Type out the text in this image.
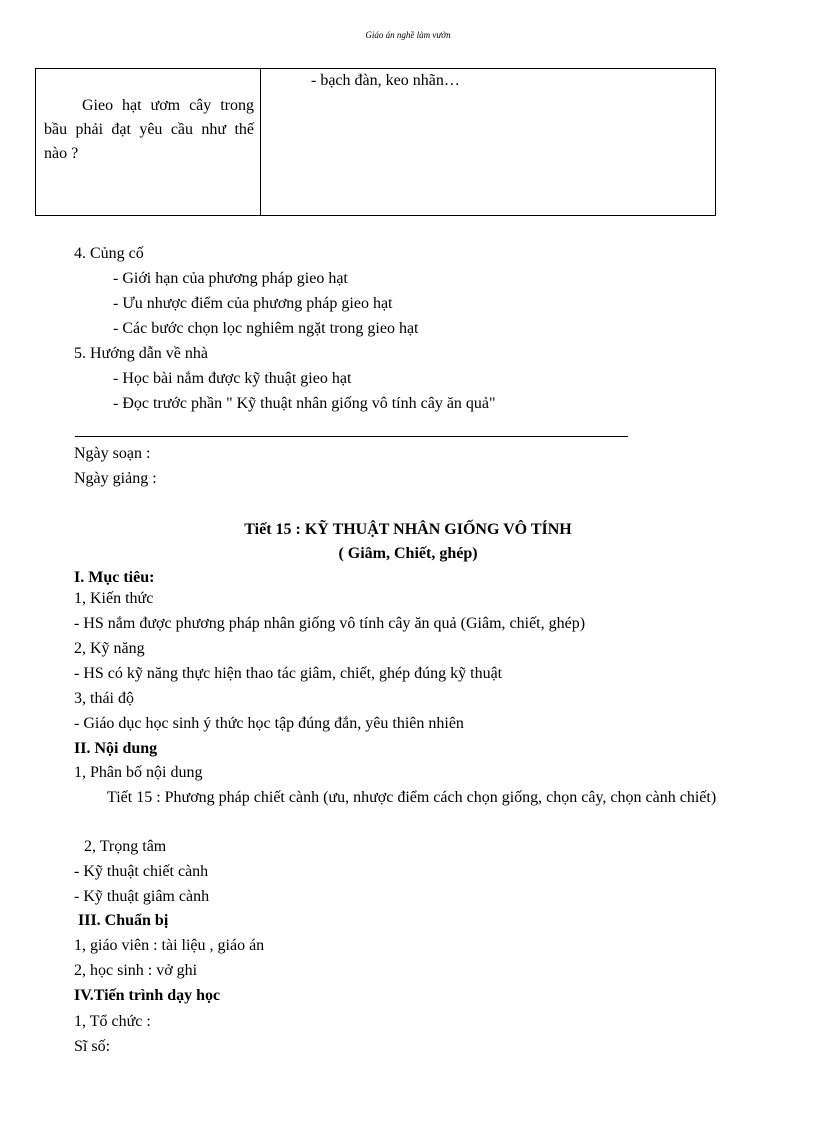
Giáo án nghề làm vườn
Gieo hạt ươm cây trong bầu phải đạt yêu cầu như thế nào ?
- bạch đàn, keo nhãn…
4. Củng cố
- Giới hạn của phương pháp gieo hạt
- Ưu nhược điểm của phương pháp gieo hạt
- Các bước chọn lọc nghiêm ngặt trong gieo hạt
5. Hướng dẫn về nhà
- Học bài nắm được kỹ thuật gieo hạt
- Đọc trước phần " Kỹ thuật nhân giống vô tính cây ăn quả"
Ngày soạn :
Ngày giảng :
Tiết 15 : KỸ THUẬT NHÂN GIỐNG VÔ TÍNH
( Giâm, Chiết, ghép)
I. Mục tiêu:
1, Kiến thức
- HS nắm được phương pháp nhân giống vô tính cây ăn quả (Giâm, chiết, ghép)
2, Kỹ năng
- HS có kỹ năng thực hiện thao tác giâm, chiết, ghép đúng kỹ thuật
3, thái độ
- Giáo dục học sinh ý thức học tập đúng đắn, yêu thiên nhiên
II. Nội dung
1, Phân bố nội dung
Tiết 15 : Phương pháp chiết cành (ưu, nhược điểm cách chọn giống, chọn cây, chọn cành chiết)
2, Trọng tâm
- Kỹ thuật chiết cành
- Kỹ thuật giâm cành
III. Chuẩn bị
1, giáo viên : tài liệu , giáo án
2, học sinh : vở ghi
IV.Tiến trình dạy học
1, Tổ chức :
Sĩ số:
